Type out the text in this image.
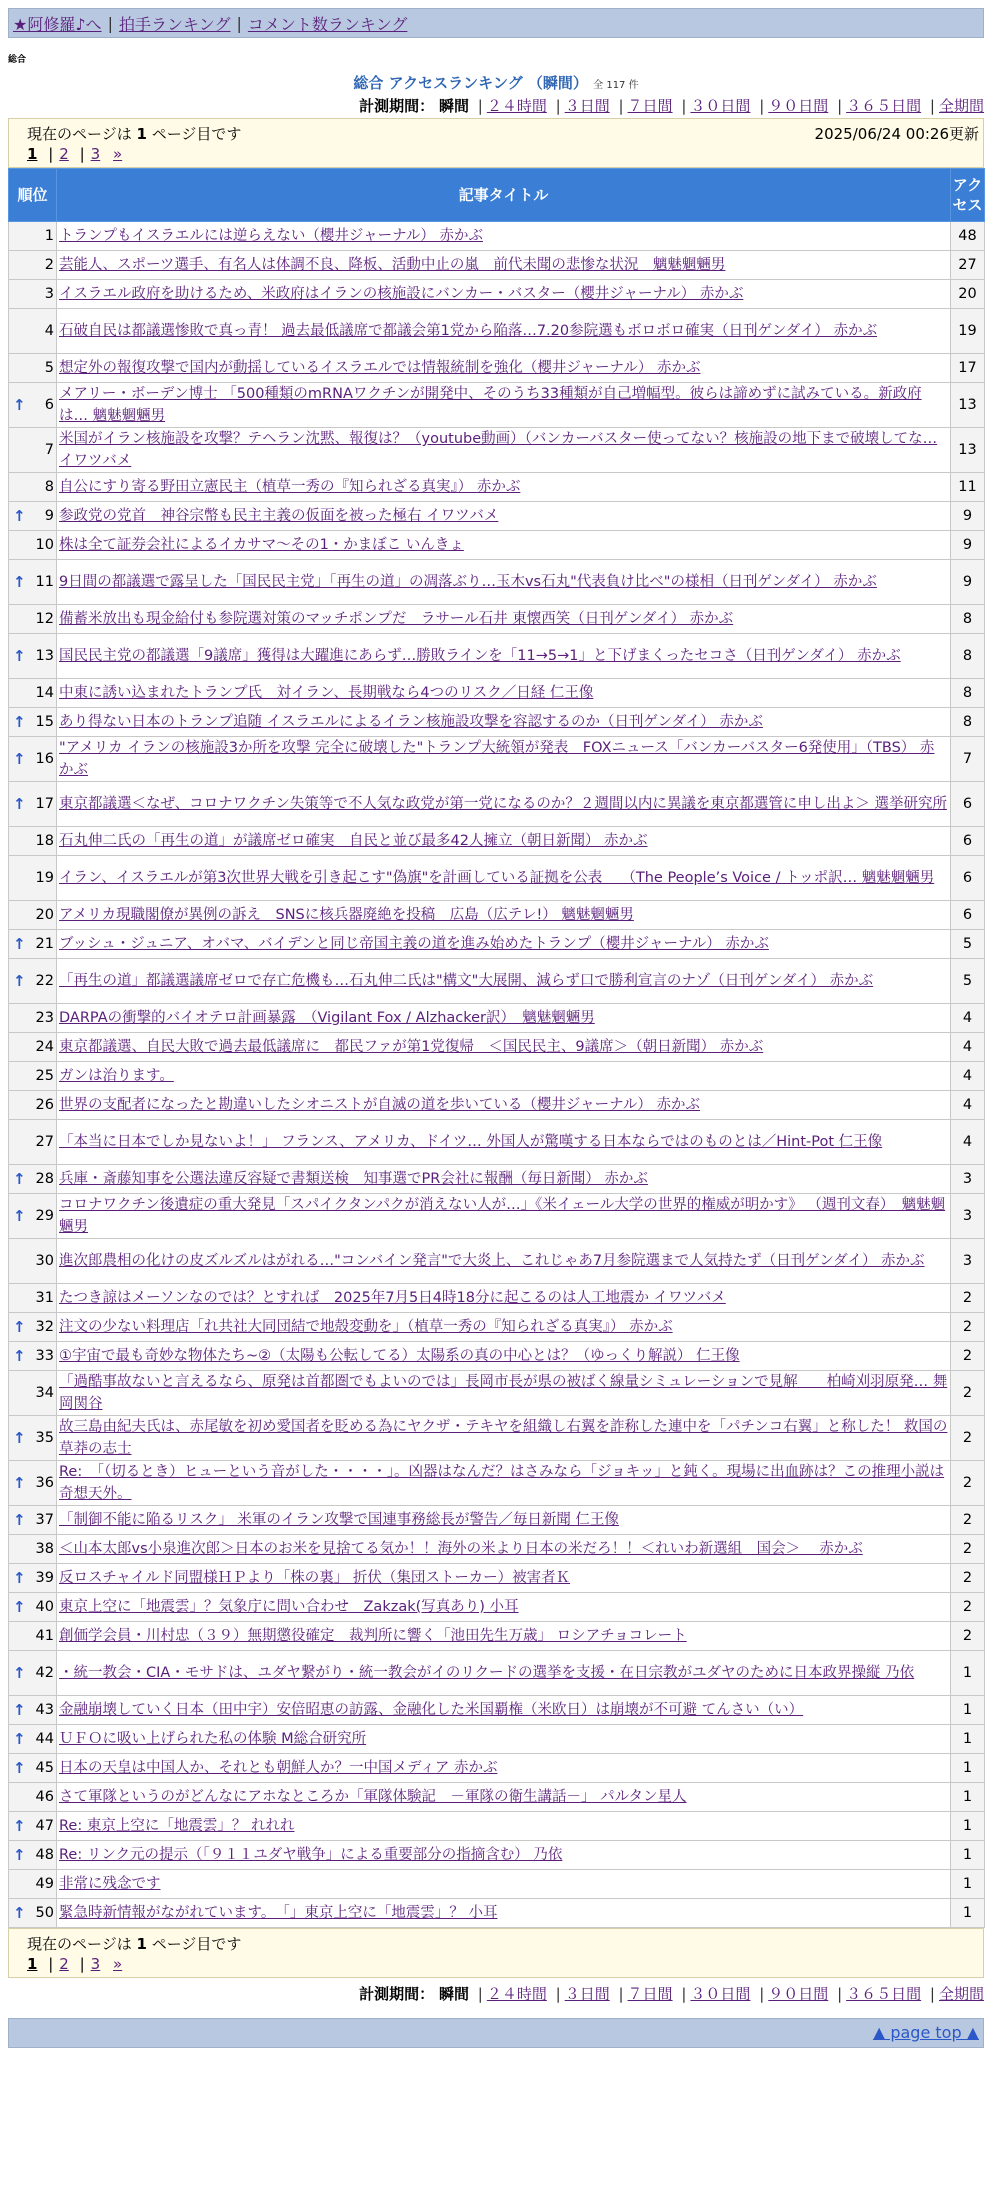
★阿修羅♪へ | 拍手ランキング | コメント数ランキング
総合
総合 アクセスランキング （瞬間） 全 117 件
計測期間： 瞬間 | ２４時間 | ３日間 | ７日間 | ３０日間 | ９０日間 | ３６５日間 | 全期間
現在のページは 1 ページ目です	2025/06/24 00:26更新
1 | 2 | 3 »
順位	記事タイトル	アクセス
1	トランプもイスラエルには逆らえない（櫻井ジャーナル） 赤かぶ	48
2	芸能人、スポーツ選手、有名人は体調不良、降板、活動中止の嵐　前代未聞の悲惨な状況　魑魅魍魎男	27
3	イスラエル政府を助けるため、米政府はイランの核施設にバンカー・バスター（櫻井ジャーナル） 赤かぶ	20
4	石破自民は都議選惨敗で真っ青！ 過去最低議席で都議会第1党から陥落…7.20参院選もボロボロ確実（日刊ゲンダイ） 赤かぶ	19
5	想定外の報復攻撃で国内が動揺しているイスラエルでは情報統制を強化（櫻井ジャーナル） 赤かぶ	17

↑ 6	メアリー・ボーデン博士 「500種類のmRNAワクチンが開発中、そのうち33種類が自己増幅型。彼らは諦めずに試みている。新政府は… 魑魅魍魎男	13
7	米国がイラン核施設を攻撃？テヘラン沈黙、報復は？（youtube動画）（バンカーバスター使ってない？核施設の地下まで破壊してな… イワツバメ	13
8	自公にすり寄る野田立憲民主（植草一秀の『知られざる真実』） 赤かぶ	11

↑ 9	参政党の党首　神谷宗幣も民主主義の仮面を被った極右 イワツバメ	9
10	株は全て証券会社によるイカサマ〜その1・かまぼこ いんきょ	9

↑ 11	9日間の都議選で露呈した「国民民主党」「再生の道」の凋落ぶり…玉木vs石丸"代表負け比べ"の様相（日刊ゲンダイ） 赤かぶ	9
12	備蓄米放出も現金給付も参院選対策のマッチポンプだ　ラサール石井 東懐西笑（日刊ゲンダイ） 赤かぶ	8

↑ 13	国民民主党の都議選「9議席」獲得は大躍進にあらず…勝敗ラインを「11→5→1」と下げまくったセコさ（日刊ゲンダイ） 赤かぶ	8
14	中東に誘い込まれたトランプ氏　対イラン、長期戦なら4つのリスク／日経 仁王像	8

↑ 15	あり得ない日本のトランプ追随 イスラエルによるイラン核施設攻撃を容認するのか（日刊ゲンダイ） 赤かぶ	8

↑ 16	"アメリカ イランの核施設3か所を攻撃 完全に破壊した"トランプ大統領が発表　FOXニュース「バンカーバスター6発使用」（TBS） 赤かぶ	7

↑ 17	東京都議選＜なぜ、コロナワクチン失策等で不人気な政党が第一党になるのか？２週間以内に異議を東京都選管に申し出よ＞ 選挙研究所	6
18	石丸伸二氏の「再生の道」が議席ゼロ確実　自民と並び最多42人擁立（朝日新聞） 赤かぶ	6
19	イラン、イスラエルが第3次世界大戦を引き起こす"偽旗"を計画している証拠を公表　 （The People’s Voice / トッポ訳… 魑魅魍魎男	6
20	アメリカ現職閣僚が異例の訴え　SNSに核兵器廃絶を投稿　広島（広テレ!） 魑魅魍魎男	6

↑ 21	ブッシュ・ジュニア、オバマ、バイデンと同じ帝国主義の道を進み始めたトランプ（櫻井ジャーナル） 赤かぶ	5

↑ 22	「再生の道」都議選議席ゼロで存亡危機も…石丸伸二氏は"構文"大展開、減らず口で勝利宣言のナゾ（日刊ゲンダイ） 赤かぶ	5
23	DARPAの衝撃的バイオテロ計画暴露　（Vigilant Fox / Alzhacker訳）　魑魅魍魎男	4
24	東京都議選、自民大敗で過去最低議席に　都民ファが第1党復帰　＜国民民主、9議席＞（朝日新聞） 赤かぶ	4
25	ガンは治ります。	4
26	世界の支配者になったと勘違いしたシオニストが自滅の道を歩いている（櫻井ジャーナル） 赤かぶ	4
27	「本当に日本でしか見ないよ！」 フランス、アメリカ、ドイツ… 外国人が驚嘆する日本ならではのものとは／Hint-Pot 仁王像	4

↑ 28	兵庫・斎藤知事を公選法違反容疑で書類送検　知事選でPR会社に報酬（毎日新聞） 赤かぶ	3

↑ 29	コロナワクチン後遺症の重大発見「スパイクタンパクが消えない人が…」《米イェール大学の世界的権威が明かす》 （週刊文春）　魑魅魍魎男	3
30	進次郎農相の化けの皮ズルズルはがれる…"コンバイン発言"で大炎上、これじゃあ7月参院選まで人気持たず（日刊ゲンダイ） 赤かぶ	3
31	たつき諒はメーソンなのでは？とすれば　2025年7月5日4時18分に起こるのは人工地震か イワツバメ	2

↑ 32	注文の少ない料理店「れ共社大同団結で地殻変動を」（植草一秀の『知られざる真実』） 赤かぶ	2

↑ 33	①宇宙で最も奇妙な物体たち~②（太陽も公転してる）太陽系の真の中心とは？（ゆっくり解説） 仁王像	2
34	「過酷事故ないと言えるなら、原発は首都圏でもよいのでは」長岡市長が県の被ばく線量シミュレーションで見解　　柏崎刈羽原発… 舞岡関谷	2

↑ 35	故三島由紀夫氏は、赤尾敏を初め愛国者を貶める為にヤクザ・テキヤを組織し右翼を詐称した連中を「パチンコ右翼」と称した！ 救国の草莽の志士	2

↑ 36	Re:　「（切るとき）ヒューという音がした・・・・」。凶器はなんだ？はさみなら「ジョキッ」と鈍く。現場に出血跡は？この推理小説は奇想天外。	2

↑ 37	「制御不能に陥るリスク」 米軍のイラン攻撃で国連事務総長が警告／毎日新聞 仁王像	2
38	＜山本太郎vs小泉進次郎＞日本のお米を見捨てる気か！！海外の米より日本の米だろ！！＜れいわ新選組　国会＞　 赤かぶ	2

↑ 39	反ロスチャイルド同盟様ＨＰより「株の裏」 折伏（集団ストーカー）被害者Ｋ	2

↑ 40	東京上空に「地震雲」？気象庁に問い合わせ　Zakzak(写真あり) 小耳	2
41	創価学会員・川村忠（３９）無期懲役確定　裁判所に響く「池田先生万歳」 ロシアチョコレート	2

↑ 42	・統一教会・CIA・モサドは、ユダヤ繋がり・統一教会がイのリクードの選挙を支援・在日宗教がユダヤのために日本政界操縦 乃依	1

↑ 43	金融崩壊していく日本（田中宇）安倍昭恵の訪露、金融化した米国覇権（米欧日）は崩壊が不可避 てんさい（い）	1

↑ 44	ＵＦＯに吸い上げられた私の体験 M総合研究所	1

↑ 45	日本の天皇は中国人か、それとも朝鮮人か？一中国メディア 赤かぶ	1
46	さて軍隊というのがどんなにアホなところか「軍隊体験記　－軍隊の衛生講話－」 パルタン星人	1

↑ 47	Re: 東京上空に「地震雲」？ れれれ	1

↑ 48	Re: リンク元の提示（「９１１ユダヤ戦争」による重要部分の指摘含む） 乃依	1
49	非常に残念です	1

↑ 50	緊急時新情報がながれています。　「」東京上空に「地震雲」？ 小耳	1
現在のページは 1 ページ目です
1 | 2 | 3 »
計測期間： 瞬間 | ２４時間 | ３日間 | ７日間 | ３０日間 | ９０日間 | ３６５日間 | 全期間
▲ page top ▲
